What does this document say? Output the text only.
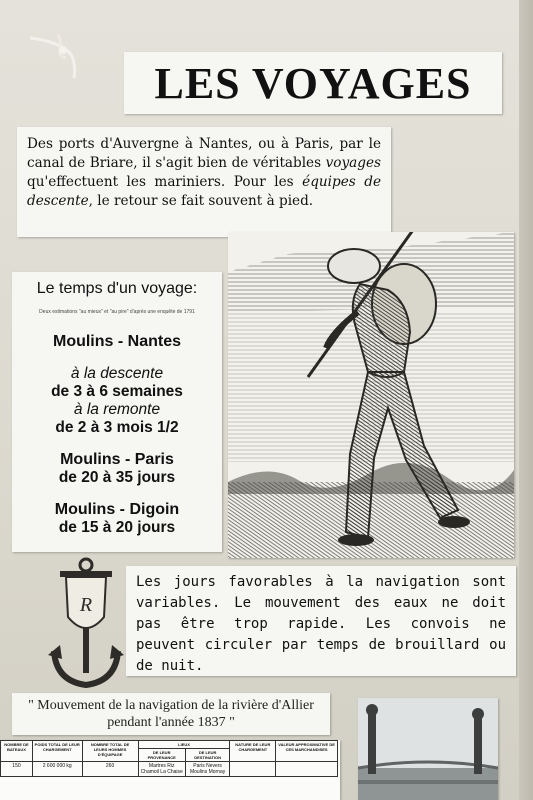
LES VOYAGES
Des ports d'Auvergne à Nantes, ou à Paris, par le canal de Briare, il s'agit bien de véritables voyages qu'effectuent les mariniers. Pour les équipes de descente, le retour se fait souvent à pied.
Le temps d'un voyage:
Deux estimations "au mieux" et "au pire" d'après une enquête de 1791
Moulins - Nantes
à la descente
de 3 à 6 semaines
à la remonte
de 2 à 3 mois 1/2
Moulins - Paris
de 20 à 35 jours
Moulins - Digoin
de 15 à 20 jours
R
Les jours favorables à la navigation sont variables. Le mouvement des eaux ne doit pas être trop rapide. Les convois ne peuvent circuler par temps de brouillard ou de nuit.
" Mouvement de la navigation de la rivière d'Allier
pendant l'année 1837 "
NOMBRE DE BATEAUX	POIDS TOTAL DE LEUR CHARGEMENT	NOMBRE TOTAL DE LEURS HOMMES D'ÉQUIPAGE	LIEUX		NATURE DE LEUR CHARGEMENT	VALEUR APPROXIMATIVE DE CES MARCHANDISES
			DE LEUR PROVENANCE	DE LEUR DESTINATION		
150	2 600 000 kg	260	Martres Riz Chamoil La Chaise	Paris Nevers Moulins Mornay		
